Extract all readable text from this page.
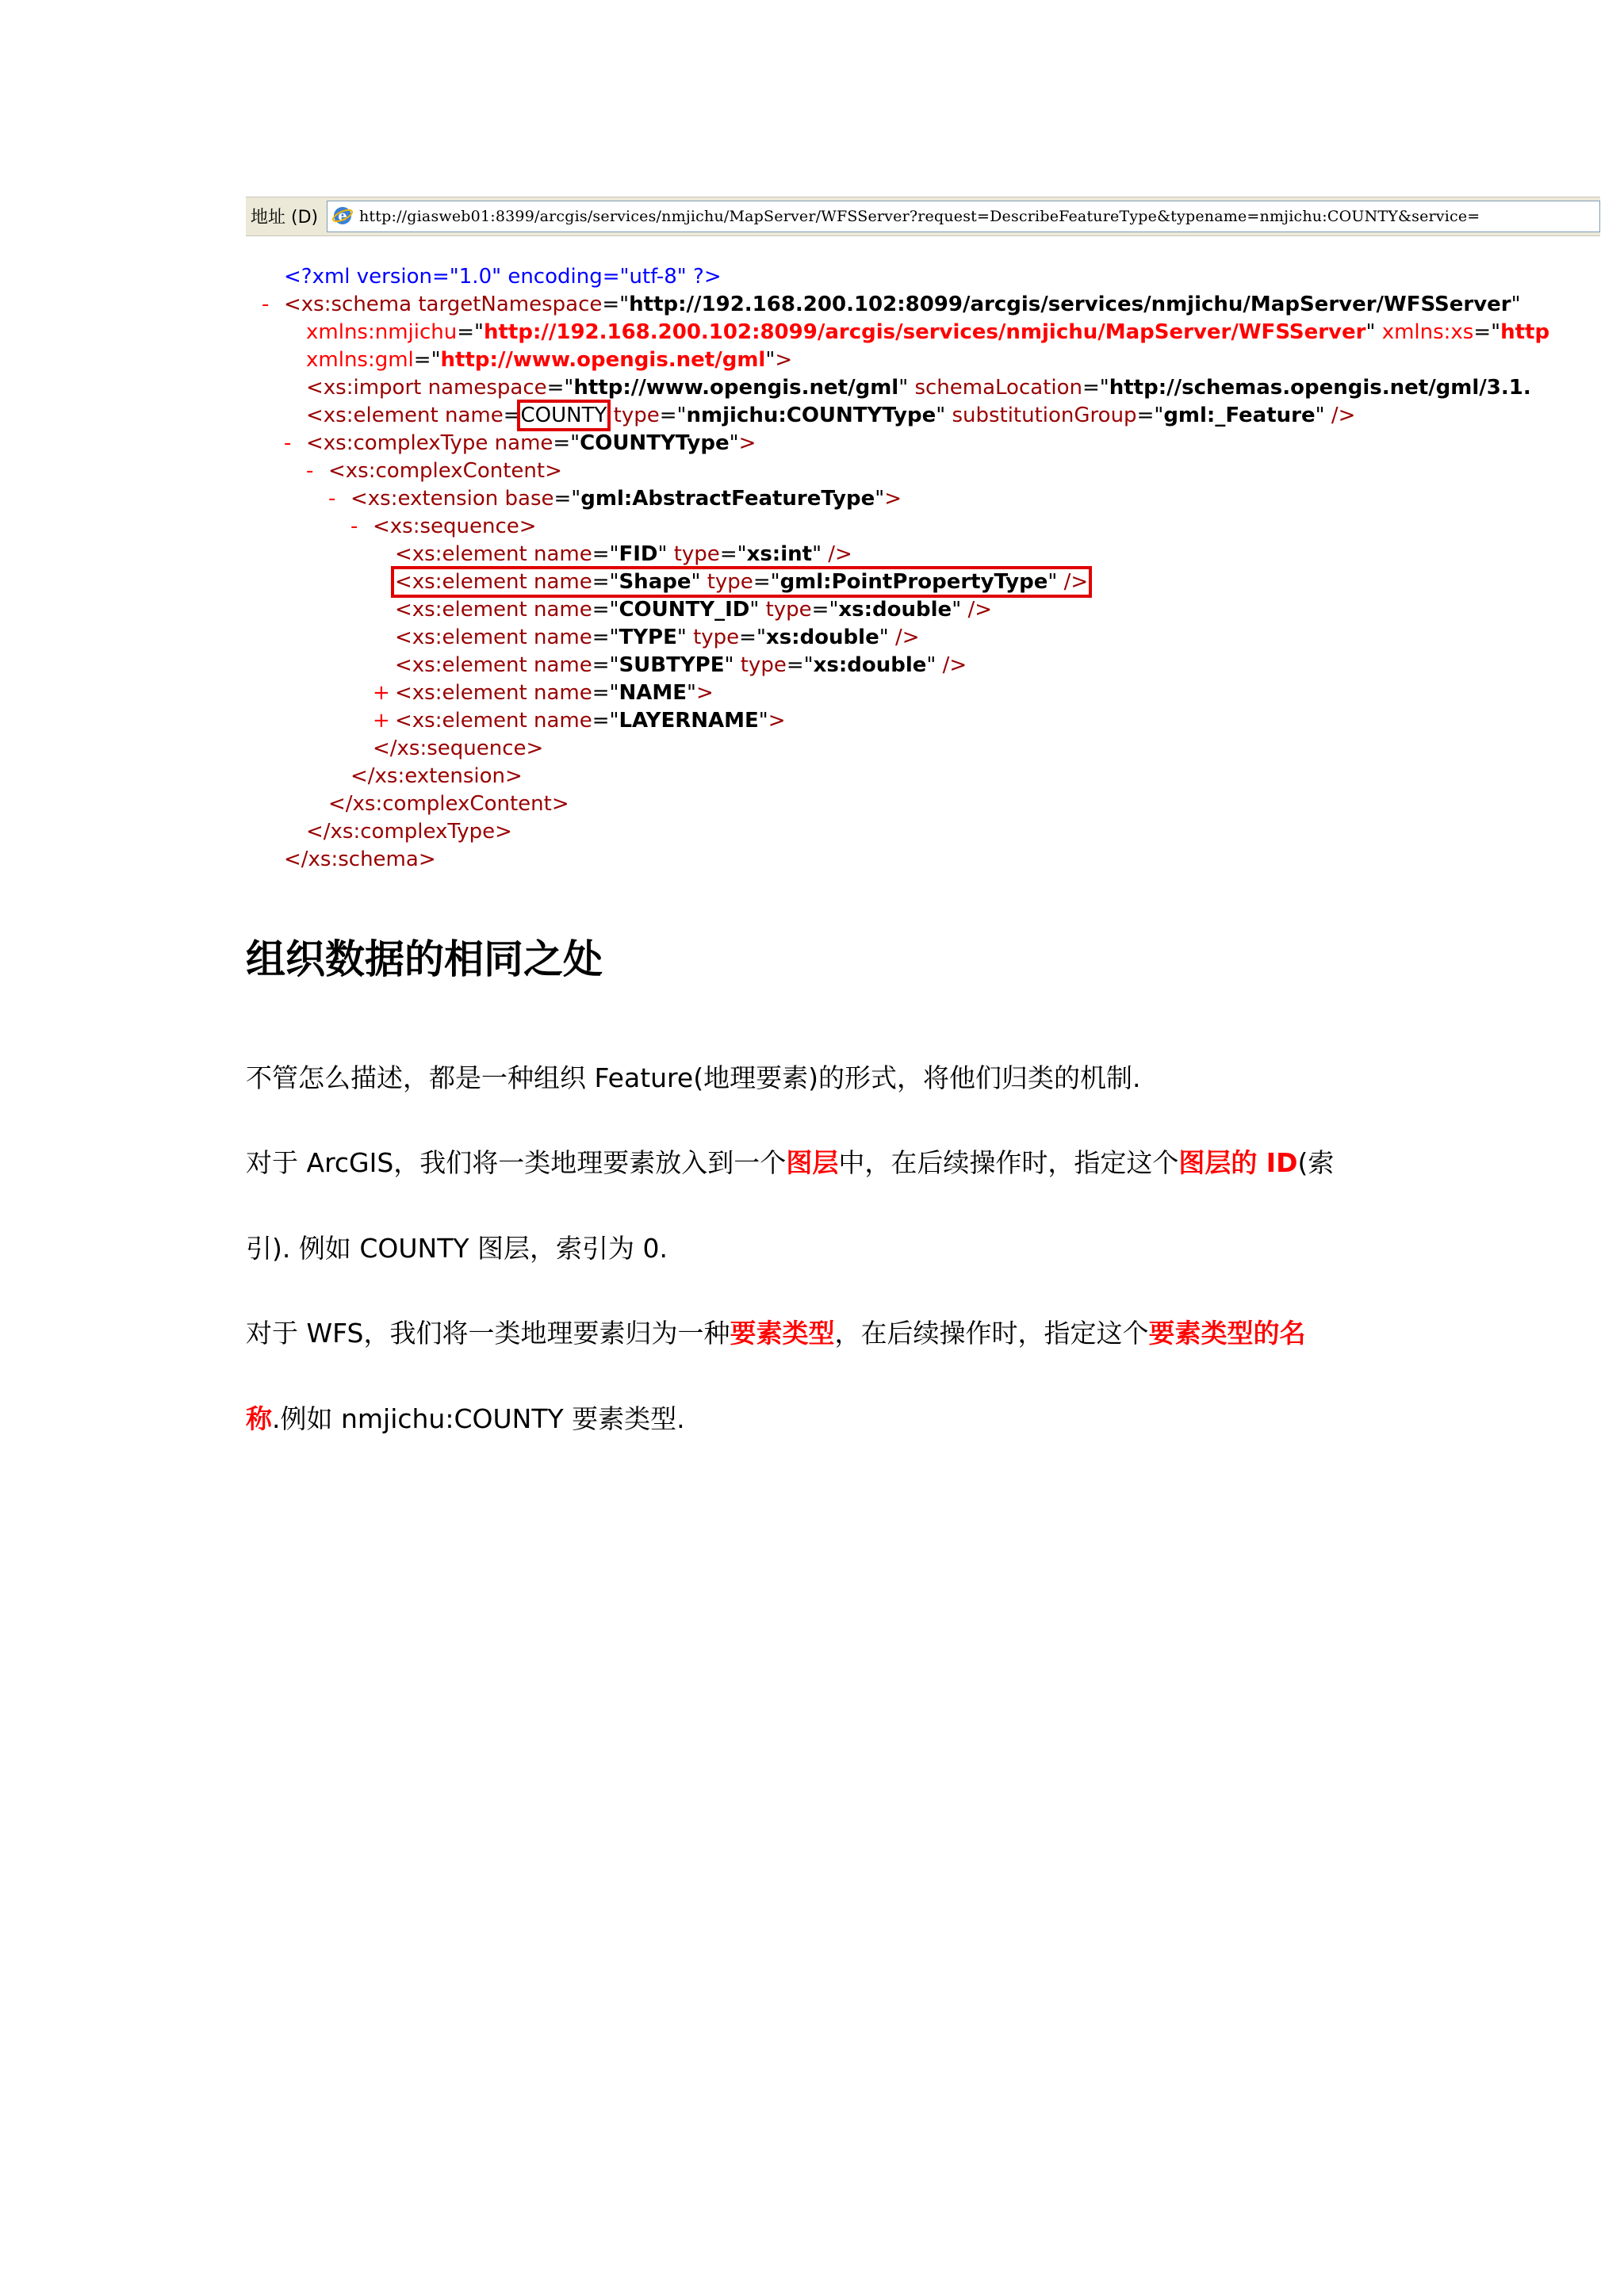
地址 (D) e http://giasweb01:8399/arcgis/services/nmjichu/MapServer/WFSServer?request=DescribeFeatureType&typename=nmjichu:COUNTY&service=
<?xml version="1.0" encoding="utf-8" ?>
- <xs:schema targetNamespace="http://192.168.200.102:8099/arcgis/services/nmjichu/MapServer/WFSServer"
xmlns:nmjichu="http://192.168.200.102:8099/arcgis/services/nmjichu/MapServer/WFSServer" xmlns:xs="http
xmlns:gml="http://www.opengis.net/gml">
<xs:import namespace="http://www.opengis.net/gml" schemaLocation="http://schemas.opengis.net/gml/3.1.
<xs:element name=COUNTY type="nmjichu:COUNTYType" substitutionGroup="gml:_Feature" />
- <xs:complexType name="COUNTYType">
- <xs:complexContent>
- <xs:extension base="gml:AbstractFeatureType">
- <xs:sequence>
<xs:element name="FID" type="xs:int" />
<xs:element name="Shape" type="gml:PointPropertyType" />
<xs:element name="COUNTY_ID" type="xs:double" />
<xs:element name="TYPE" type="xs:double" />
<xs:element name="SUBTYPE" type="xs:double" />
+ <xs:element name="NAME">
+ <xs:element name="LAYERNAME">
</xs:sequence>
</xs:extension>
</xs:complexContent>
</xs:complexType>
</xs:schema>
组织数据的相同之处
不管怎么描述，都是一种组织 Feature(地理要素)的形式，将他们归类的机制.
对于 ArcGIS，我们将一类地理要素放入到一个图层中，在后续操作时，指定这个图层的 ID(索
引). 例如 COUNTY 图层，索引为 0.
对于 WFS，我们将一类地理要素归为一种要素类型，在后续操作时，指定这个要素类型的名
称.例如 nmjichu:COUNTY 要素类型.
